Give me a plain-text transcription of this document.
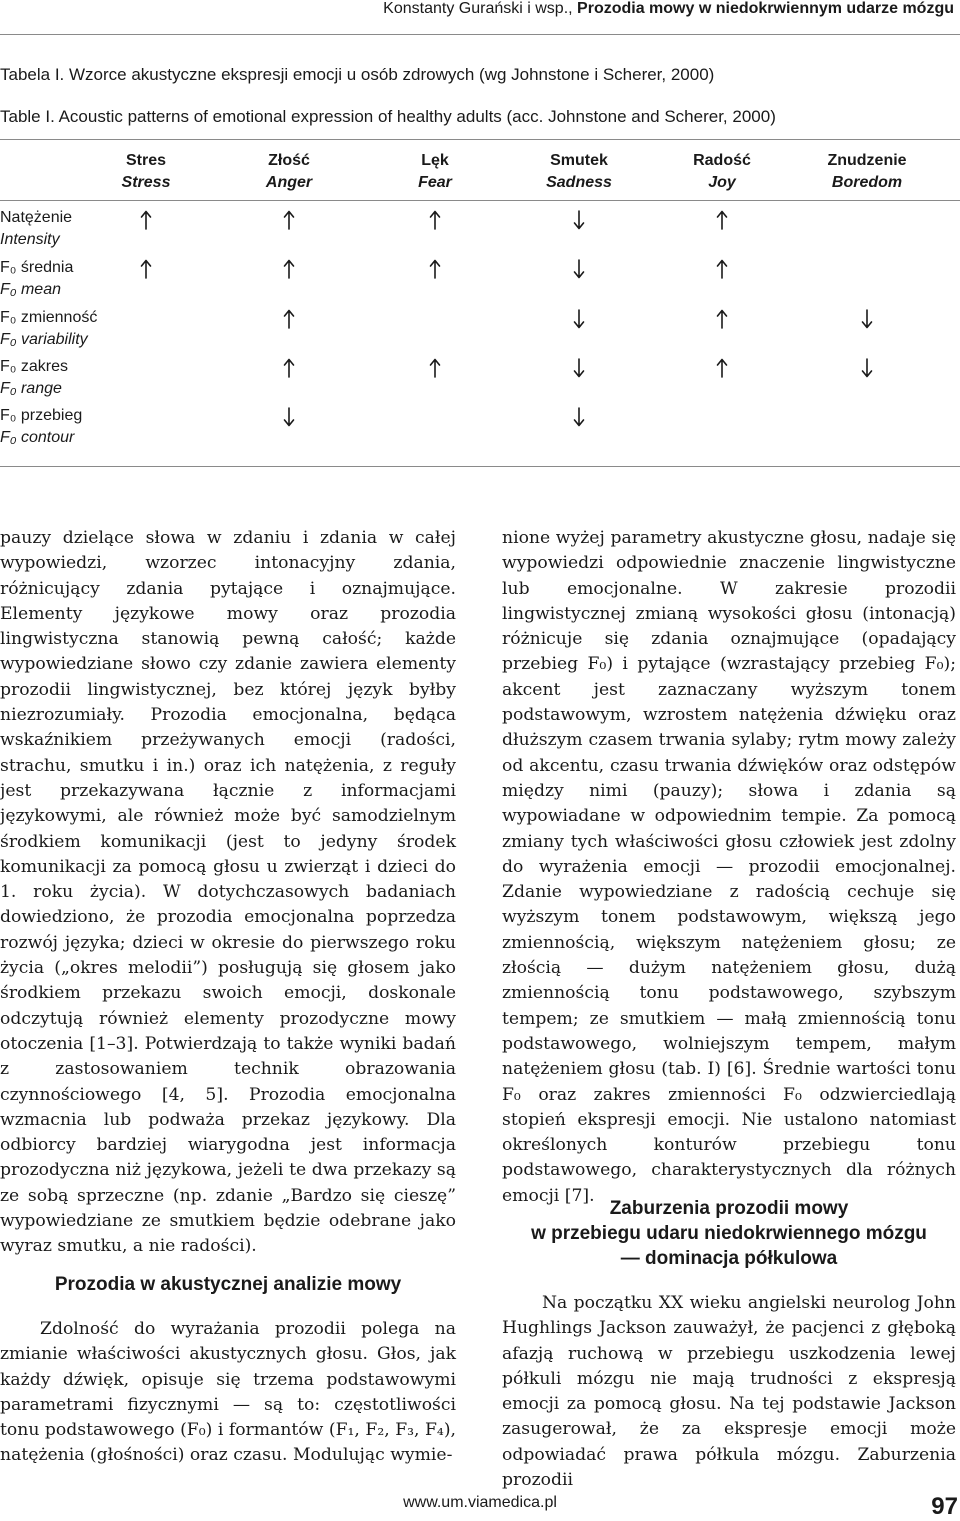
Konstanty Gurański i wsp., Prozodia mowy w niedokrwiennym udarze mózgu
Tabela I. Wzorce akustyczne ekspresji emocji u osób zdrowych (wg Johnstone i Scherer, 2000)
Table I. Acoustic patterns of emotional expression of healthy adults (acc. Johnstone and Scherer, 2000)
Stres
Stress
Złość
Anger
Lęk
Fear
Smutek
Sadness
Radość
Joy
Znudzenie
Boredom
Natężenie
Intensity
F₀ średnia
F₀ mean
F₀ zmienność
F₀ variability
F₀ zakres
F₀ range
F₀ przebieg
F₀ contour

pauzy dzielące słowa w zdaniu i zdania w całej wypowiedzi, wzorzec intonacyjny zdania, różnicujący zdania pytające i oznajmujące. Elementy językowe mowy oraz prozodia lingwistyczna stanowią pewną całość; każde wypowiedziane słowo czy zdanie zawiera elementy prozodii lingwistycznej, bez której język byłby niezrozumiały. Prozodia emocjonalna, będąca wskaźnikiem przeżywanych emocji (radości, strachu, smutku i in.) oraz ich natężenia, z reguły jest przekazywana łącznie z informacjami językowymi, ale również może być samodzielnym środkiem komunikacji (jest to jedyny środek komunikacji za pomocą głosu u zwierząt i dzieci do 1. roku życia). W dotychczasowych badaniach dowiedziono, że prozodia emocjonalna poprzedza rozwój języka; dzieci w okresie do pierwszego roku życia („okres melodii”) posługują się głosem jako środkiem przekazu swoich emocji, doskonale odczytują również elementy prozodyczne mowy otoczenia [1–3]. Potwierdzają to także wyniki badań z zastosowaniem technik obrazowania czynnościowego [4, 5]. Prozodia emocjonalna wzmacnia lub podważa przekaz językowy. Dla odbiorcy bardziej wiarygodna jest informacja prozodyczna niż językowa, jeżeli te dwa przekazy są ze sobą sprzeczne (np. zdanie „Bardzo się cieszę” wypowiedziane ze smutkiem będzie odebrane jako wyraz smutku, a nie radości).

Prozodia w akustycznej analizie mowy

Zdolność do wyrażania prozodii polega na zmianie właściwości akustycznych głosu. Głos, jak każdy dźwięk, opisuje się trzema podstawowymi parametrami fizycznymi — są to: częstotliwości tonu podstawowego (F₀) i formantów (F₁, F₂, F₃, F₄), natężenia (głośności) oraz czasu. Modulując wymie-

nione wyżej parametry akustyczne głosu, nadaje się wypowiedzi odpowiednie znaczenie lingwistyczne lub emocjonalne. W zakresie prozodii lingwistycznej zmianą wysokości głosu (intonacją) różnicuje się zdania oznajmujące (opadający przebieg F₀) i pytające (wzrastający przebieg F₀); akcent jest zaznaczany wyższym tonem podstawowym, wzrostem natężenia dźwięku oraz dłuższym czasem trwania sylaby; rytm mowy zależy od akcentu, czasu trwania dźwięków oraz odstępów między nimi (pauzy); słowa i zdania są wypowiadane w odpowiednim tempie. Za pomocą zmiany tych właściwości głosu człowiek jest zdolny do wyrażenia emocji — prozodii emocjonalnej. Zdanie wypowiedziane z radością cechuje się wyższym tonem podstawowym, większą jego zmiennością, większym natężeniem głosu; ze złością — dużym natężeniem głosu, dużą zmiennością tonu podstawowego, szybszym tempem; ze smutkiem — małą zmiennością tonu podstawowego, wolniejszym tempem, małym natężeniem głosu (tab. I) [6]. Średnie wartości tonu F₀ oraz zakres zmienności F₀ odzwierciedlają stopień ekspresji emocji. Nie ustalono natomiast określonych konturów przebiegu tonu podstawowego, charakterystycznych dla różnych emocji [7].

Zaburzenia prozodii mowy
w przebiegu udaru niedokrwiennego mózgu
— dominacja półkulowa

Na początku XX wieku angielski neurolog John Hughlings Jackson zauważył, że pacjenci z głęboką afazją ruchową w przebiegu uszkodzenia lewej półkuli mózgu nie mają trudności z ekspresją emocji za pomocą głosu. Na tej podstawie Jackson zasugerował, że za ekspresje emocji może odpowiadać prawa półkula mózgu. Zaburzenia prozodii

www.um.viamedica.pl	97
